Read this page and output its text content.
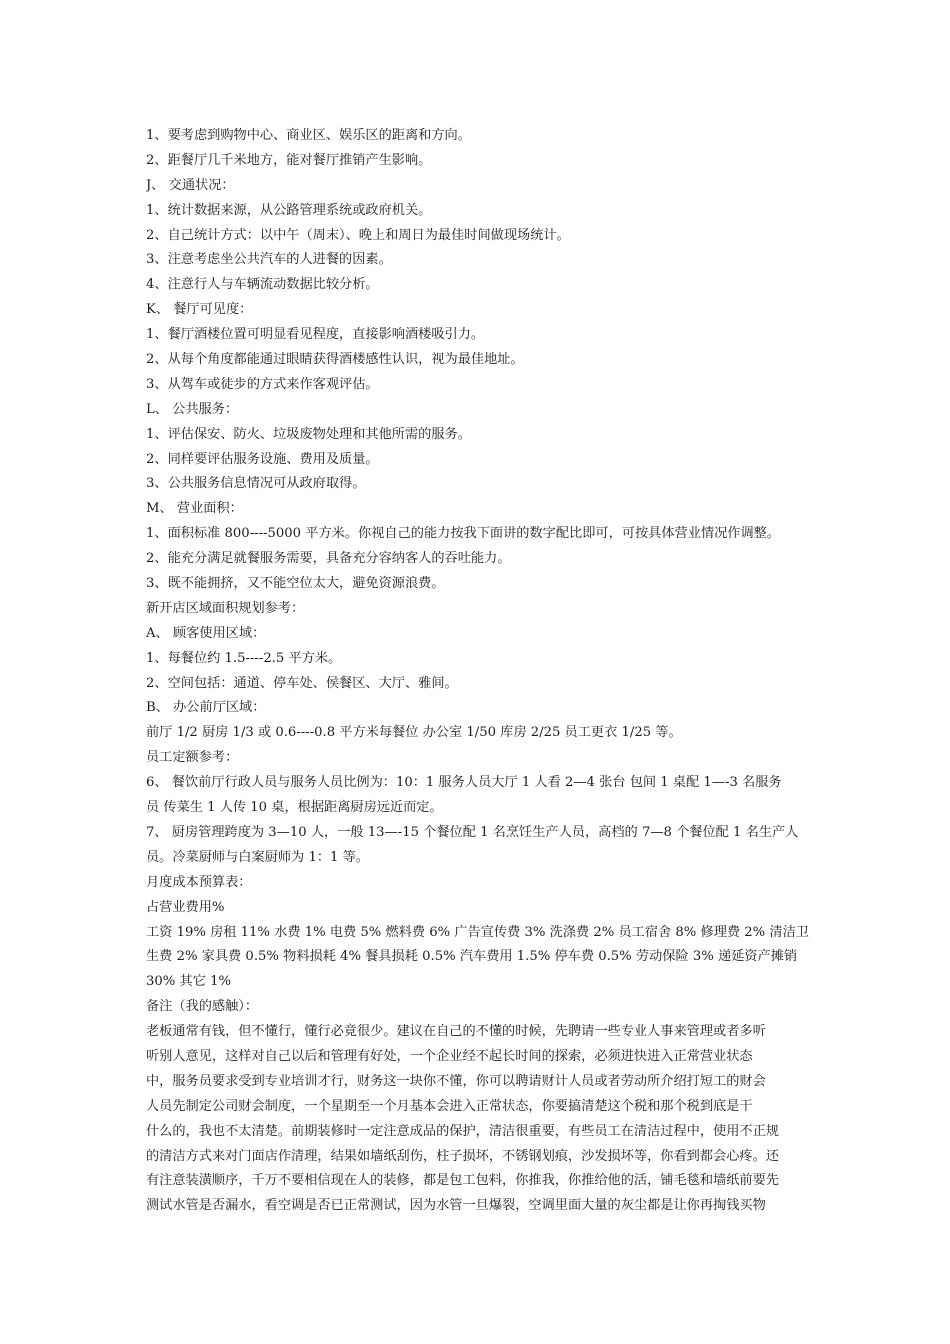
1、要考虑到购物中心、商业区、娱乐区的距离和方向。
2、距餐厅几千米地方，能对餐厅推销产生影响。
J、 交通状况：
1、统计数据来源，从公路管理系统或政府机关。
2、自己统计方式：以中午（周末）、晚上和周日为最佳时间做现场统计。
3、注意考虑坐公共汽车的人进餐的因素。
4、注意行人与车辆流动数据比较分析。
K、 餐厅可见度：
1、餐厅酒楼位置可明显看见程度，直接影响酒楼吸引力。
2、从每个角度都能通过眼睛获得酒楼感性认识，视为最佳地址。
3、从驾车或徒步的方式来作客观评估。
L、 公共服务：
1、评估保安、防火、垃圾废物处理和其他所需的服务。
2、同样要评估服务设施、费用及质量。
3、公共服务信息情况可从政府取得。
M、 营业面积：
1、面积标准 800----5000 平方米。你视自己的能力按我下面讲的数字配比即可，可按具体营业情况作调整。
2、能充分满足就餐服务需要，具备充分容纳客人的吞吐能力。
3、既不能拥挤，又不能空位太大，避免资源浪费。
新开店区域面积规划参考：
A、 顾客使用区域：
1、每餐位约 1.5----2.5 平方米。
2、空间包括：通道、停车处、侯餐区、大厅、雅间。
B、 办公前厅区域：
前厅 1/2 厨房 1/3 或 0.6----0.8 平方米每餐位 办公室 1/50 库房 2/25 员工更衣 1/25 等。
员工定额参考：
6、 餐饮前厅行政人员与服务人员比例为：10：1 服务人员大厅 1 人看 2—4 张台 包间 1 桌配 1—-3 名服务
员 传菜生 1 人传 10 桌，根据距离厨房远近而定。
7、 厨房管理跨度为 3—10 人，一般 13—-15 个餐位配 1 名烹饪生产人员，高档的 7—8 个餐位配 1 名生产人
员。冷菜厨师与白案厨师为 1：1 等。
月度成本预算表：
占营业费用%
工资 19% 房租 11% 水费 1% 电费 5% 燃料费 6% 广告宣传费 3% 洗涤费 2% 员工宿舍 8% 修理费 2% 清洁卫
生费 2% 家具费 0.5% 物料损耗 4% 餐具损耗 0.5% 汽车费用 1.5% 停车费 0.5% 劳动保险 3% 递延资产摊销
30% 其它 1%
备注（我的感触）：
老板通常有钱，但不懂行，懂行必竟很少。建议在自己的不懂的时候，先聘请一些专业人事来管理或者多听
听别人意见，这样对自己以后和管理有好处，一个企业经不起长时间的探索，必须进快进入正常营业状态
中，服务员要求受到专业培训才行，财务这一块你不懂，你可以聘请财计人员或者劳动所介绍打短工的财会
人员先制定公司财会制度，一个星期至一个月基本会进入正常状态，你要搞清楚这个税和那个税到底是干
什么的，我也不太清楚。前期装修时一定注意成品的保护，清洁很重要，有些员工在清洁过程中，使用不正规
的清洁方式来对门面店作清理，结果如墙纸刮伤，柱子损坏，不锈钢划痕，沙发损坏等，你看到都会心疼。还
有注意装潢顺序，千万不要相信现在人的装修，都是包工包料，你推我，你推给他的活，铺毛毯和墙纸前要先
测试水管是否漏水，看空调是否已正常测试，因为水管一旦爆裂，空调里面大量的灰尘都是让你再掏钱买物
